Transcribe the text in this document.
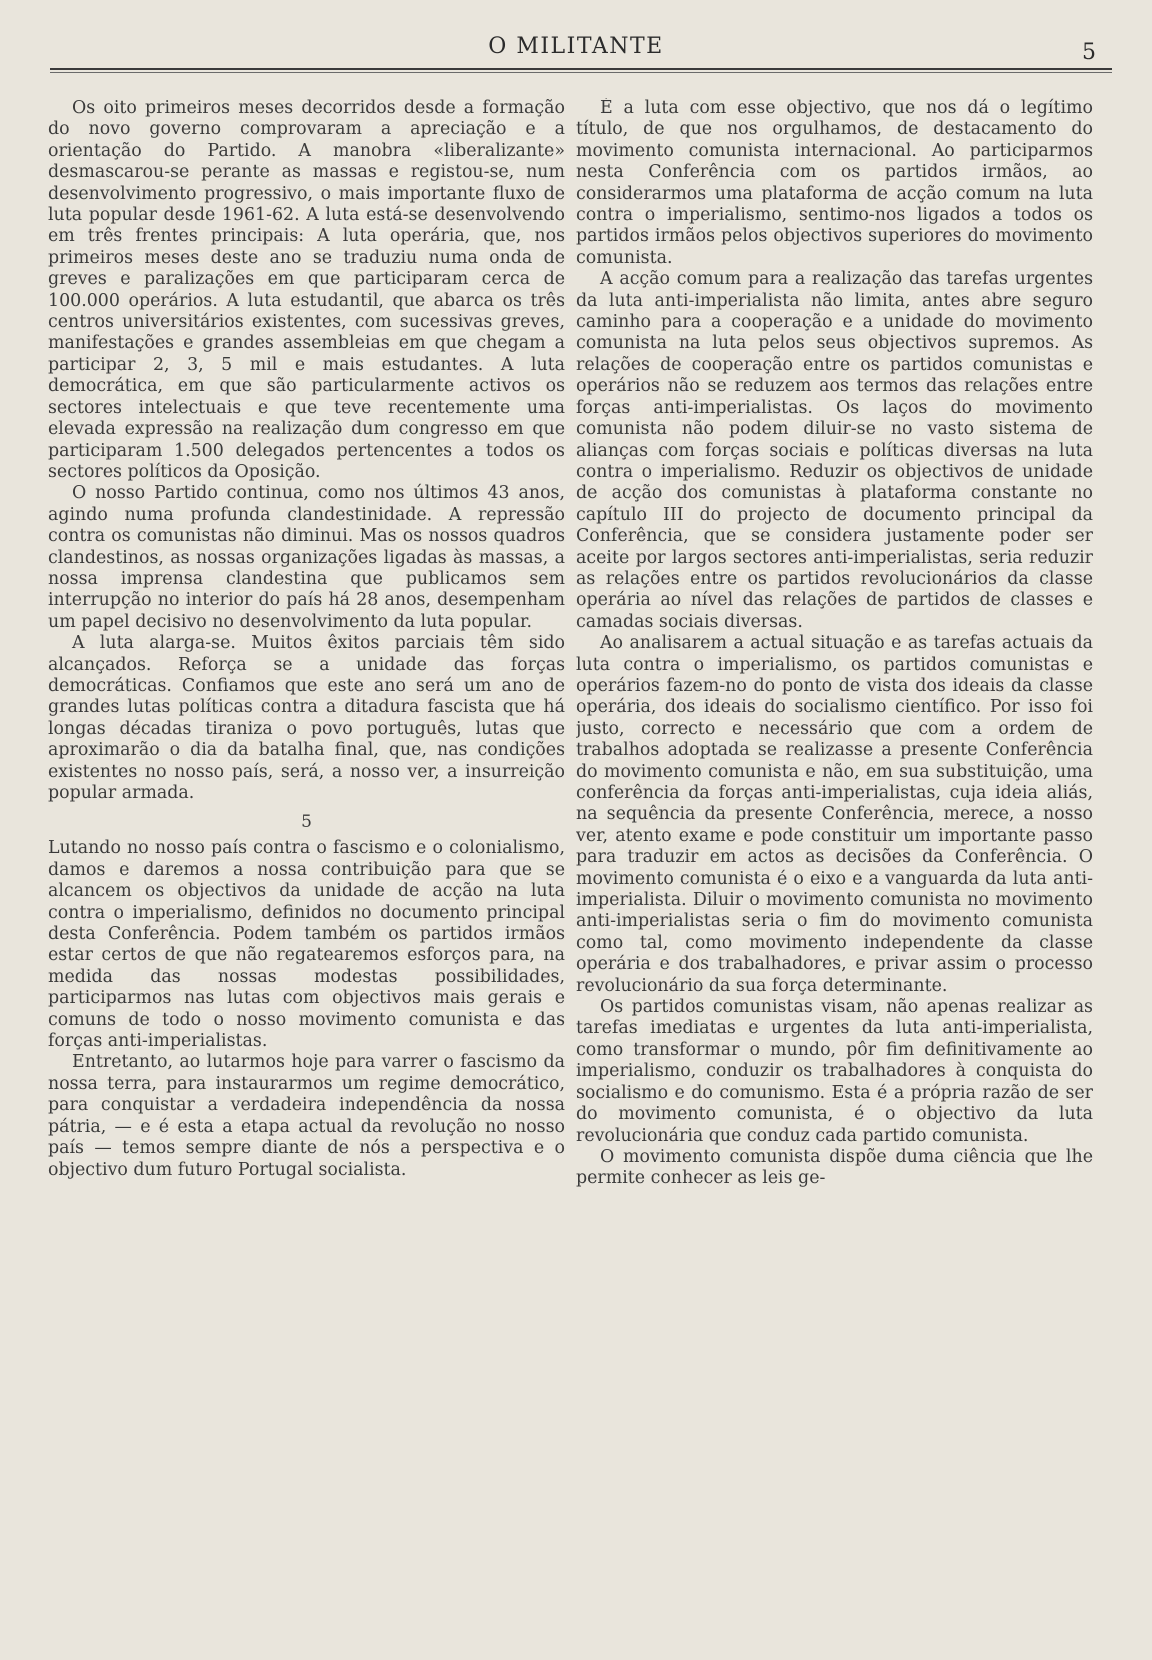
O MILITANTE	5

Os oito primeiros meses decorridos desde a formação do novo governo comprovaram a apreciação e a orientação do Partido. A manobra «liberalizante» desmascarou-se perante as massas e registou-se, num desenvolvimento progressivo, o mais importante fluxo de luta popular desde 1961-62. A luta está-se desenvolvendo em três frentes principais: A luta operária, que, nos primeiros meses deste ano se traduziu numa onda de greves e paralizações em que participaram cerca de 100.000 operários. A luta estudantil, que abarca os três centros universitários existentes, com sucessivas greves, manifestações e grandes assembleias em que chegam a participar 2, 3, 5 mil e mais estudantes. A luta democrática, em que são particularmente activos os sectores intelectuais e que teve recentemente uma elevada expressão na realização dum congresso em que participaram 1.500 delegados pertencentes a todos os sectores políticos da Oposição.

O nosso Partido continua, como nos últimos 43 anos, agindo numa profunda clandestinidade. A repressão contra os comunistas não diminui. Mas os nossos quadros clandestinos, as nossas organizações ligadas às massas, a nossa imprensa clandestina que publicamos sem interrupção no interior do país há 28 anos, desempenham um papel decisivo no desenvolvimento da luta popular.

A luta alarga-se. Muitos êxitos parciais têm sido alcançados. Reforça se a unidade das forças democráticas. Confiamos que este ano será um ano de grandes lutas políticas contra a ditadura fascista que há longas décadas tiraniza o povo português, lutas que aproximarão o dia da batalha final, que, nas condições existentes no nosso país, será, a nosso ver, a insurreição popular armada.

5

Lutando no nosso país contra o fascismo e o colonialismo, damos e daremos a nossa contribuição para que se alcancem os objectivos da unidade de acção na luta contra o imperialismo, definidos no documento principal desta Conferência. Podem também os partidos irmãos estar certos de que não regatearemos esforços para, na medida das nossas modestas possibilidades, participarmos nas lutas com objectivos mais gerais e comuns de todo o nosso movimento comunista e das forças anti-imperialistas.

Entretanto, ao lutarmos hoje para varrer o fascismo da nossa terra, para instaurarmos um regime democrático, para conquistar a verdadeira independência da nossa pátria, — e é esta a etapa actual da revolução no nosso país — temos sempre diante de nós a perspectiva e o objectivo dum futuro Portugal socialista.

É a luta com esse objectivo, que nos dá o legítimo título, de que nos orgulhamos, de destacamento do movimento comunista internacional. Ao participarmos nesta Conferência com os partidos irmãos, ao considerarmos uma plataforma de acção comum na luta contra o imperialismo, sentimo-nos ligados a todos os partidos irmãos pelos objectivos superiores do movimento comunista.

A acção comum para a realização das tarefas urgentes da luta anti-imperialista não limita, antes abre seguro caminho para a cooperação e a unidade do movimento comunista na luta pelos seus objectivos supremos. As relações de cooperação entre os partidos comunistas e operários não se reduzem aos termos das relações entre forças anti-imperialistas. Os laços do movimento comunista não podem diluir-se no vasto sistema de alianças com forças sociais e políticas diversas na luta contra o imperialismo. Reduzir os objectivos de unidade de acção dos comunistas à plataforma constante no capítulo III do projecto de documento principal da Conferência, que se considera justamente poder ser aceite por largos sectores anti-imperialistas, seria reduzir as relações entre os partidos revolucionários da classe operária ao nível das relações de partidos de classes e camadas sociais diversas.

Ao analisarem a actual situação e as tarefas actuais da luta contra o imperialismo, os partidos comunistas e operários fazem-no do ponto de vista dos ideais da classe operária, dos ideais do socialismo científico. Por isso foi justo, correcto e necessário que com a ordem de trabalhos adoptada se realizasse a presente Conferência do movimento comunista e não, em sua substituição, uma conferência da forças anti-imperialistas, cuja ideia aliás, na sequência da presente Conferência, merece, a nosso ver, atento exame e pode constituir um importante passo para traduzir em actos as decisões da Conferência. O movimento comunista é o eixo e a vanguarda da luta anti-imperialista. Diluir o movimento comunista no movimento anti-imperialistas seria o fim do movimento comunista como tal, como movimento independente da classe operária e dos trabalhadores, e privar assim o processo revolucionário da sua força determinante.

Os partidos comunistas visam, não apenas realizar as tarefas imediatas e urgentes da luta anti-imperialista, como transformar o mundo, pôr fim definitivamente ao imperialismo, conduzir os trabalhadores à conquista do socialismo e do comunismo. Esta é a própria razão de ser do movimento comunista, é o objectivo da luta revolucionária que conduz cada partido comunista.

O movimento comunista dispõe duma ciência que lhe permite conhecer as leis ge-
